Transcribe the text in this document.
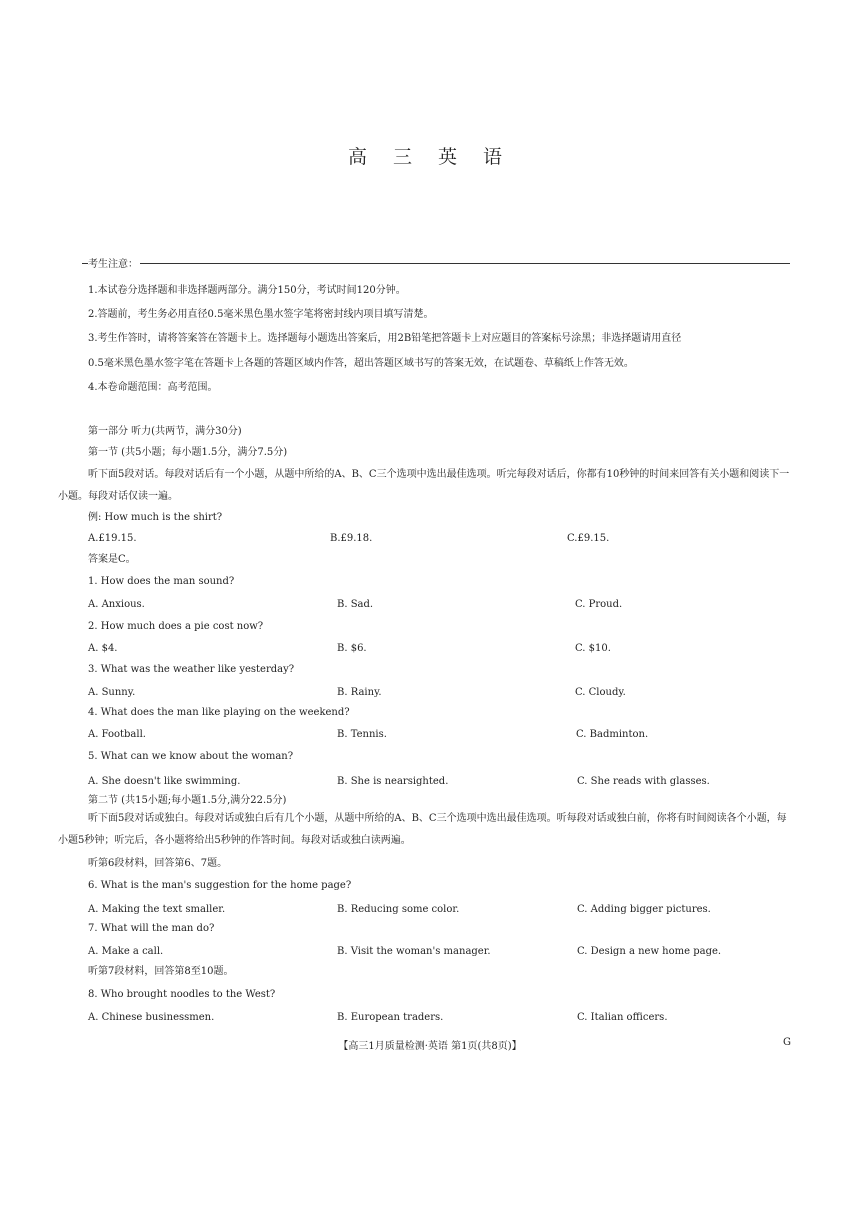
高 三 英 语
考生注意：
1.本试卷分选择题和非选择题两部分。满分150分，考试时间120分钟。
2.答题前，考生务必用直径0.5毫米黑色墨水签字笔将密封线内项目填写清楚。
3.考生作答时，请将答案答在答题卡上。选择题每小题选出答案后，用2B铅笔把答题卡上对应题目的答案标号涂黑；非选择题请用直径
0.5毫米黑色墨水签字笔在答题卡上各题的答题区域内作答，超出答题区域书写的答案无效，在试题卷、草稿纸上作答无效。
4.本卷命题范围：高考范围。
第一部分 听力(共两节，满分30分)
第一节 (共5小题；每小题1.5分，满分7.5分)
听下面5段对话。每段对话后有一个小题，从题中所给的A、B、C三个选项中选出最佳选项。听完每段对话后，你都有10秒钟的时间来回答有关小题和阅读下一小题。每段对话仅读一遍。
例: How much is the shirt?
A.£19.15.	B.£9.18.	C.£9.15.
答案是C。
1. How does the man sound?
A. Anxious.	B. Sad.	C. Proud.
2. How much does a pie cost now?
A. $4.	B. $6.	C. $10.
3. What was the weather like yesterday?
A. Sunny.	B. Rainy.	C. Cloudy.
4. What does the man like playing on the weekend?
A. Football.	B. Tennis.	C. Badminton.
5. What can we know about the woman?
A. She doesn't like swimming.	B. She is nearsighted.	C. She reads with glasses.
第二节 (共15小题;每小题1.5分,满分22.5分)
听下面5段对话或独白。每段对话或独白后有几个小题，从题中所给的A、B、C三个选项中选出最佳选项。听每段对话或独白前，你将有时间阅读各个小题，每小题5秒钟；听完后，各小题将给出5秒钟的作答时间。每段对话或独白读两遍。
听第6段材料，回答第6、7题。
6. What is the man's suggestion for the home page?
A. Making the text smaller.	B. Reducing some color.	C. Adding bigger pictures.
7. What will the man do?
A. Make a call.	B. Visit the woman's manager.	C. Design a new home page.
听第7段材料，回答第8至10题。
8. Who brought noodles to the West?
A. Chinese businessmen.	B. European traders.	C. Italian officers.
【高三1月质量检测·英语 第1页(共8页)】	G
